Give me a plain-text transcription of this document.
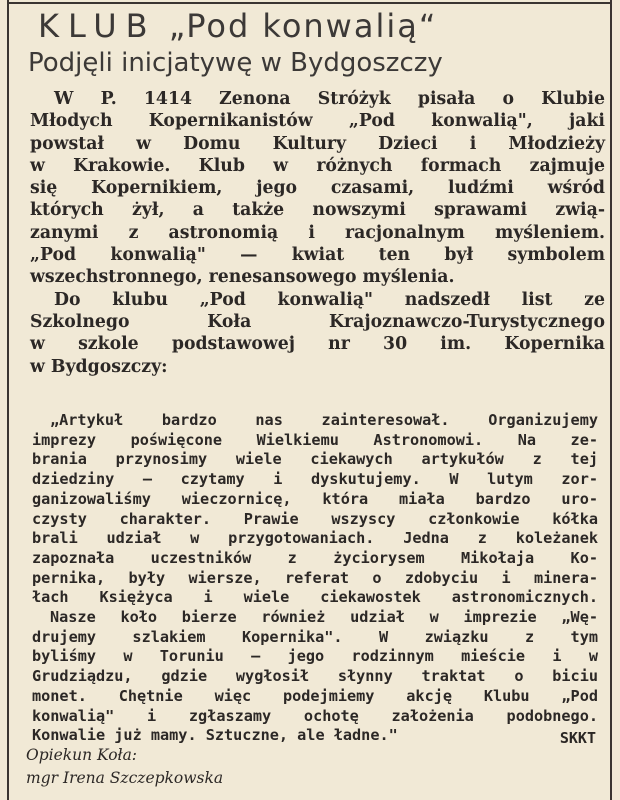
KLUB „Pod konwalią“
Podjęli inicjatywę w Bydgoszczy
W P. 1414 Zenona Stróżyk pisała o Klubie
Młodych Kopernikanistów „Pod konwalią", jaki
powstał w Domu Kultury Dzieci i Młodzieży
w Krakowie. Klub w różnych formach zajmuje
się Kopernikiem, jego czasami, ludźmi wśród
których żył, a także nowszymi sprawami zwią-
zanymi z astronomią i racjonalnym myśleniem.
„Pod konwalią" — kwiat ten był symbolem
wszechstronnego, renesansowego myślenia.
Do klubu „Pod konwalią" nadszedł list ze
Szkolnego Koła Krajoznawczo-Turystycznego
w szkole podstawowej nr 30 im. Kopernika
w Bydgoszczy:
„Artykuł bardzo nas zainteresował. Organizujemy
imprezy poświęcone Wielkiemu Astronomowi. Na ze-
brania przynosimy wiele ciekawych artykułów z tej
dziedziny — czytamy i dyskutujemy. W lutym zor-
ganizowaliśmy wieczornicę, która miała bardzo uro-
czysty charakter. Prawie wszyscy członkowie kółka
brali udział w przygotowaniach. Jedna z koleżanek
zapoznała uczestników z życiorysem Mikołaja Ko-
pernika, były wiersze, referat o zdobyciu i minera-
łach Księżyca i wiele ciekawostek astronomicznych.
Nasze koło bierze również udział w imprezie „Wę-
drujemy szlakiem Kopernika". W związku z tym
byliśmy w Toruniu — jego rodzinnym mieście i w
Grudziądzu, gdzie wygłosił słynny traktat o biciu
monet. Chętnie więc podejmiemy akcję Klubu „Pod
konwalią" i zgłaszamy ochotę założenia podobnego.
Konwalie już mamy. Sztuczne, ale ładne."	SKKT
Opiekun Koła:
mgr Irena Szczepkowska
